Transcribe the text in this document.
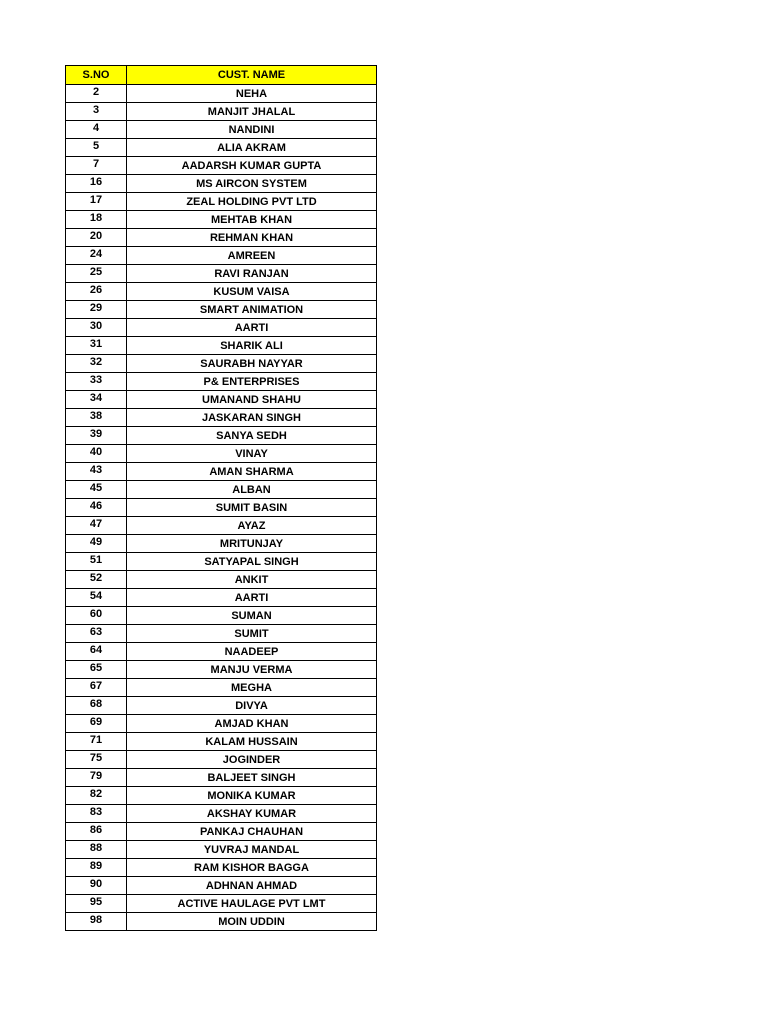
S.NO	CUST. NAME
2	NEHA
3	MANJIT JHALAL
4	NANDINI
5	ALIA AKRAM
7	AADARSH KUMAR GUPTA
16	MS AIRCON SYSTEM
17	ZEAL HOLDING PVT LTD
18	MEHTAB KHAN
20	REHMAN KHAN
24	AMREEN
25	RAVI RANJAN
26	KUSUM VAISA
29	SMART ANIMATION
30	AARTI
31	SHARIK ALI
32	SAURABH NAYYAR
33	P& ENTERPRISES
34	UMANAND SHAHU
38	JASKARAN SINGH
39	SANYA SEDH
40	VINAY
43	AMAN SHARMA
45	ALBAN
46	SUMIT BASIN
47	AYAZ
49	MRITUNJAY
51	SATYAPAL SINGH
52	ANKIT
54	AARTI
60	SUMAN
63	SUMIT
64	NAADEEP
65	MANJU VERMA
67	MEGHA
68	DIVYA
69	AMJAD KHAN
71	KALAM HUSSAIN
75	JOGINDER
79	BALJEET SINGH
82	MONIKA KUMAR
83	AKSHAY KUMAR
86	PANKAJ CHAUHAN
88	YUVRAJ MANDAL
89	RAM KISHOR BAGGA
90	ADHNAN AHMAD
95	ACTIVE HAULAGE PVT LMT
98	MOIN UDDIN
